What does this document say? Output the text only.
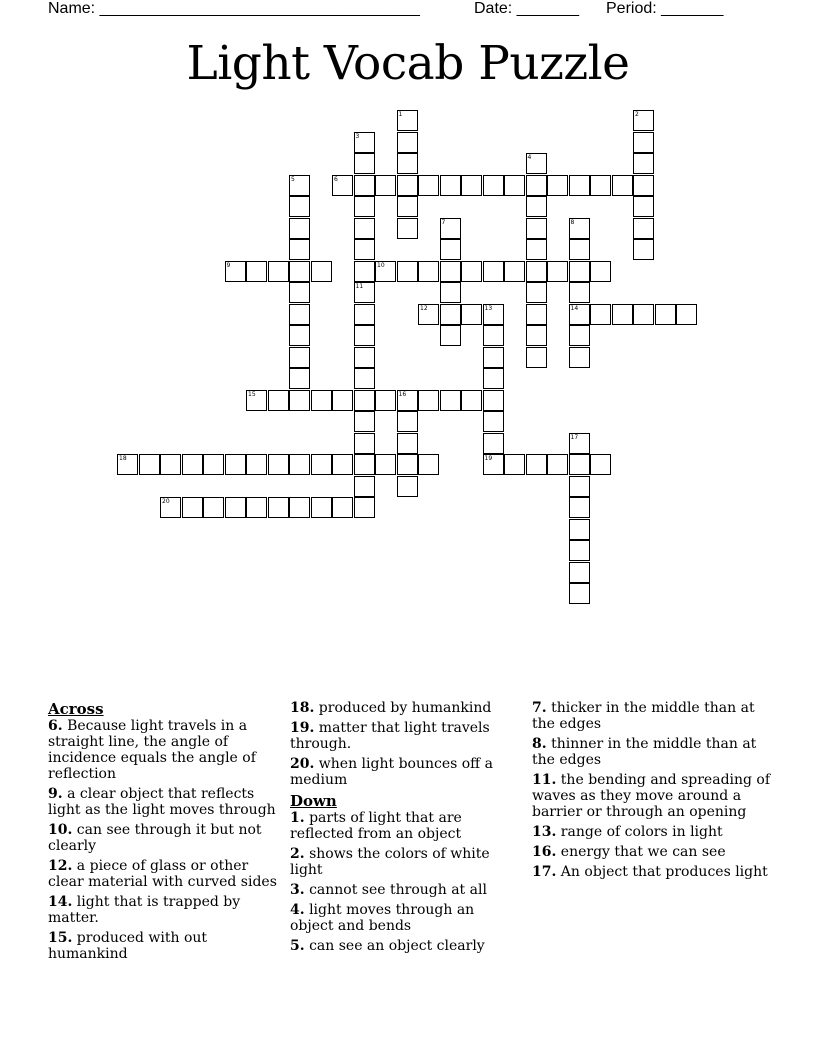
Name: ____________________________________	Date: _______ Period: _______
Light Vocab Puzzle
1	2
3
4
5	6
7	8
14
9	10
11
12	13
19
15	16
17
18
20
Across
6. Because light travels in a straight line, the angle of incidence equals the angle of reflection
9. a clear object that reflects light as the light moves through
10. can see through it but not clearly
12. a piece of glass or other clear material with curved sides
14. light that is trapped by matter.
15. produced with out humankind
18. produced by humankind
19. matter that light travels through.
20. when light bounces off a medium
Down
1. parts of light that are reflected from an object
2. shows the colors of white light
3. cannot see through at all
4. light moves through an object and bends
5. can see an object clearly
7. thicker in the middle than at the edges
8. thinner in the middle than at the edges
11. the bending and spreading of waves as they move around a barrier or through an opening
13. range of colors in light
16. energy that we can see
17. An object that produces light
